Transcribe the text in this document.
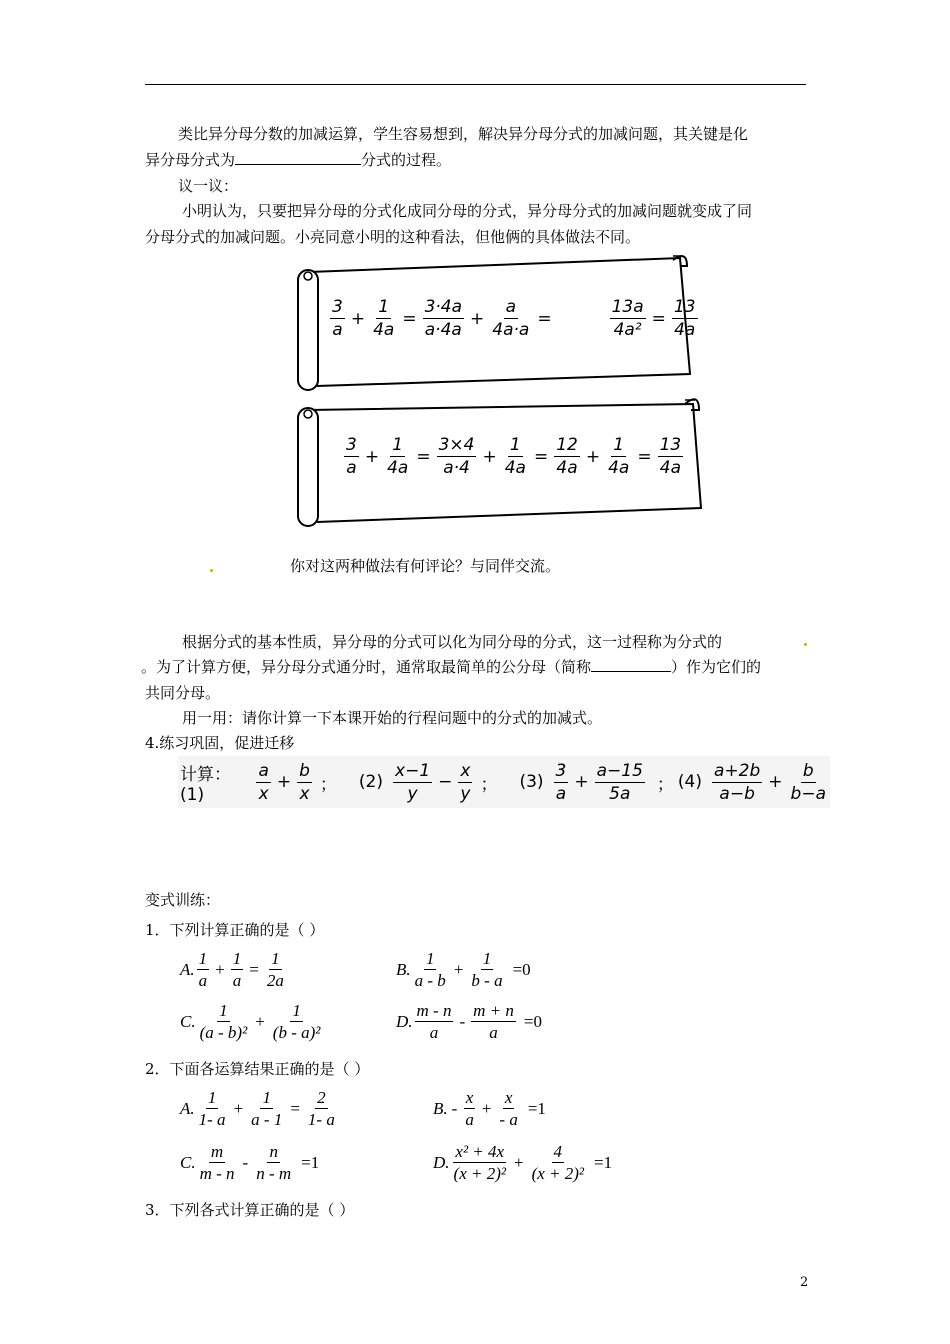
类比异分母分数的加减运算，学生容易想到，解决异分母分式的加减问题，其关键是化
异分母分式为	分式的过程。
议一议：
小明认为，只要把异分母的分式化成同分母的分式，异分母分式的加减问题就变成了同
分母分式的加减问题。小亮同意小明的这种看法，但他俩的具体做法不同。
$\frac{3}{a} + \frac{1}{4a} = \frac{3\cdot 4a}{a\cdot 4a} + \frac{a}{4a\cdot a}$ =	$\frac{13a}{\text{4a²}} = \frac{13}{4a}$
$\frac{3}{a} + \frac{1}{4a} = \frac{3\times 4}{a\cdot 4} + \frac{1}{4a} = \frac{12}{4a} + \frac{1}{4a} = \frac{13}{4a}$
你对这两种做法有何评论？与同伴交流。
根据分式的基本性质，异分母的分式可以化为同分母的分式，这一过程称为分式的
。为了计算方便，异分母分式通分时，通常取最简单的公分母（简称	）作为它们的
共同分母。
用一用：请你计算一下本课开始的行程问题中的分式的加减式。
4.练习巩固，促进迁移
计算：(1)	$\frac{a}{x} + \frac{b}{x}$ ； $(2) \frac{x-1}{y} - \frac{x}{y}$ ； $(3) \frac{3}{a} + \frac{a-15}{5a}$ ； $(4) \frac{a+2b}{a-b} + \frac{b}{b-a}$
变式训练：
1．下列计算正确的是（ ）
A. $\frac{1}{a} + \frac{1}{a} = \frac{1}{2a}$	B. $\frac{1}{a - b} + \frac{1}{b - a} =0$
C. $\frac{1}{\text{(a - b)²}} + \frac{1}{\text{(b - a)²}}$	D. $\frac{m - n}{a} - \frac{m + n}{a} =0$
2．下面各运算结果正确的是（ ）
A. $\frac{1}{1- a} + \frac{1}{a - 1} = \frac{2}{1- a}$	B. - $\frac{x}{a} + \frac{x}{- a} =1$
C. $\frac{m}{m - n} - \frac{n}{n - m} =1$	D. $\frac{\text{x² + 4x}}{\text{(x + 2)²}} + \frac{4}{\text{(x + 2)²}} =1$
3．下列各式计算正确的是（ ）
2
